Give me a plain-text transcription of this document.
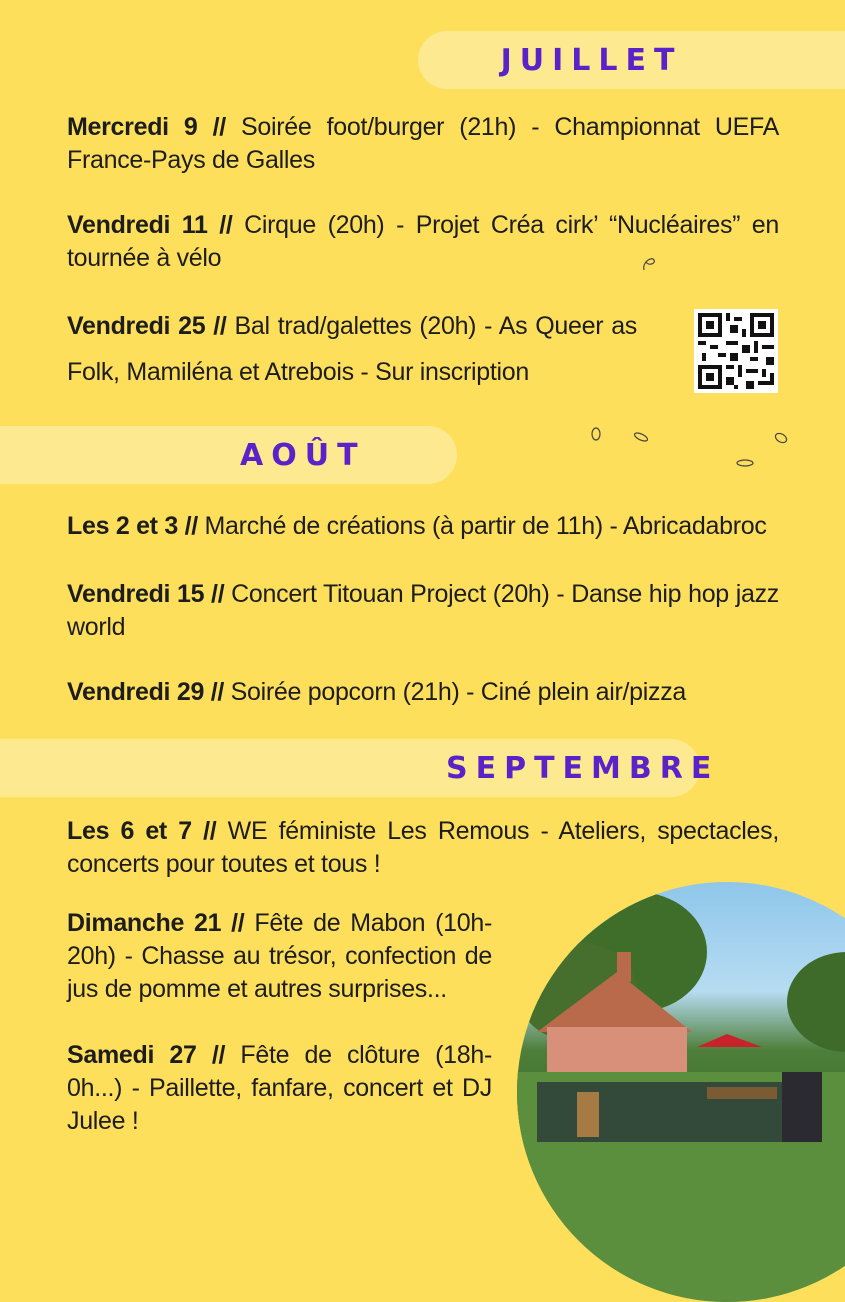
JUILLET
AOÛT
SEPTEMBRE
Mercredi 9 // Soirée foot/burger (21h) - Championnat UEFA France-Pays de Galles
Vendredi 11 // Cirque (20h) - Projet Créa cirk’ “Nucléaires” en tournée à vélo
Vendredi 25 // Bal trad/galettes (20h) - As Queer as Folk, Mamiléna et Atrebois - Sur inscription
Les 2 et 3 // Marché de créations (à partir de 11h) - Abricadabroc
Vendredi 15 // Concert Titouan Project (20h) - Danse hip hop jazz world
Vendredi 29 // Soirée popcorn (21h) - Ciné plein air/pizza
Les 6 et 7 // WE féministe Les Remous - Ateliers, spectacles, concerts pour toutes et tous !
Dimanche 21 // Fête de Mabon (10h-20h) - Chasse au trésor, confection de jus de pomme et autres surprises...
Samedi 27 // Fête de clôture (18h-0h...) - Paillette, fanfare, concert et DJ Julee !
